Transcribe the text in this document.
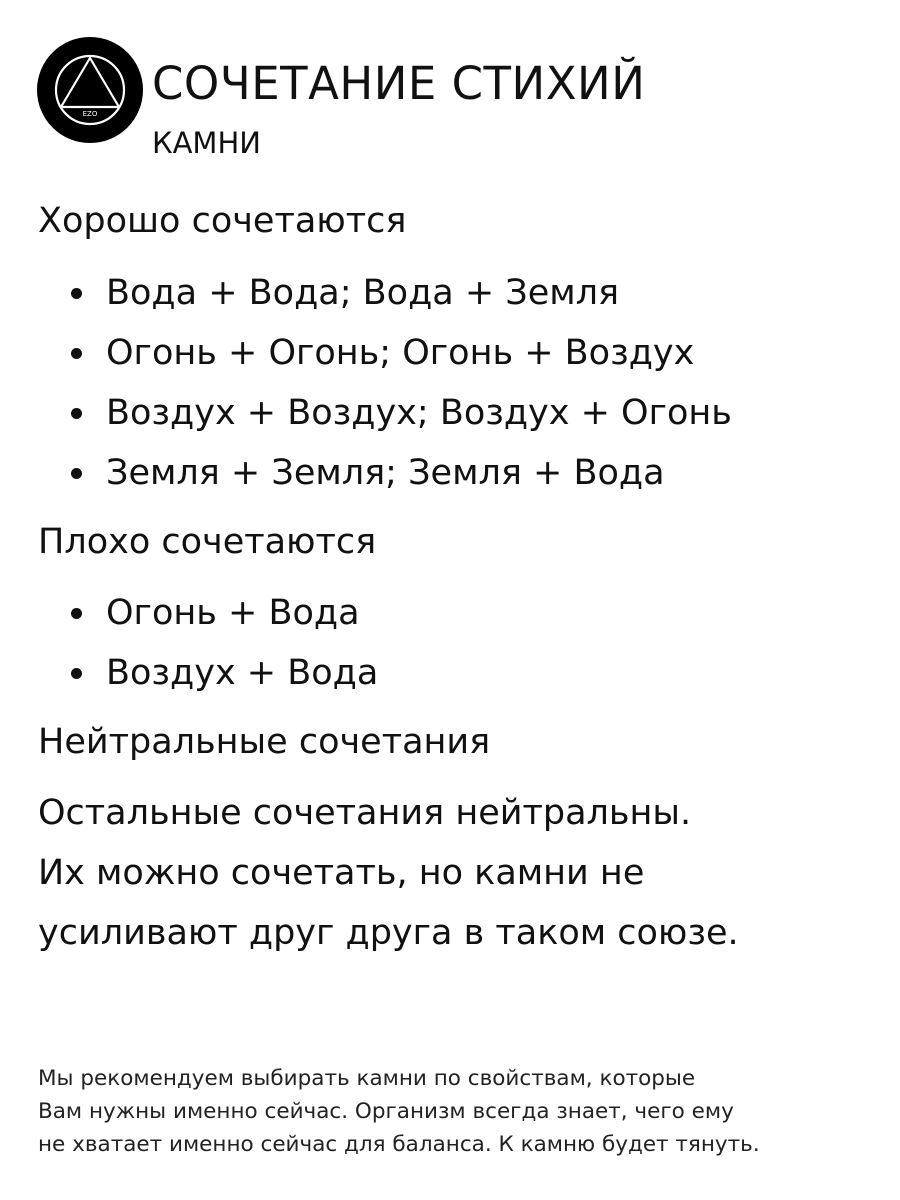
EZO
СОЧЕТАНИЕ СТИХИЙ
КАМНИ
Хорошо сочетаются
Вода + Вода; Вода + Земля
Огонь + Огонь; Огонь + Воздух
Воздух + Воздух; Воздух + Огонь
Земля + Земля; Земля + Вода
Плохо сочетаются
Огонь + Вода
Воздух + Вода
Нейтральные сочетания
Остальные сочетания нейтральны.
Их можно сочетать, но камни не
усиливают друг друга в таком союзе.
Мы рекомендуем выбирать камни по свойствам, которые
Вам нужны именно сейчас. Организм всегда знает, чего ему
не хватает именно сейчас для баланса. К камню будет тянуть.
